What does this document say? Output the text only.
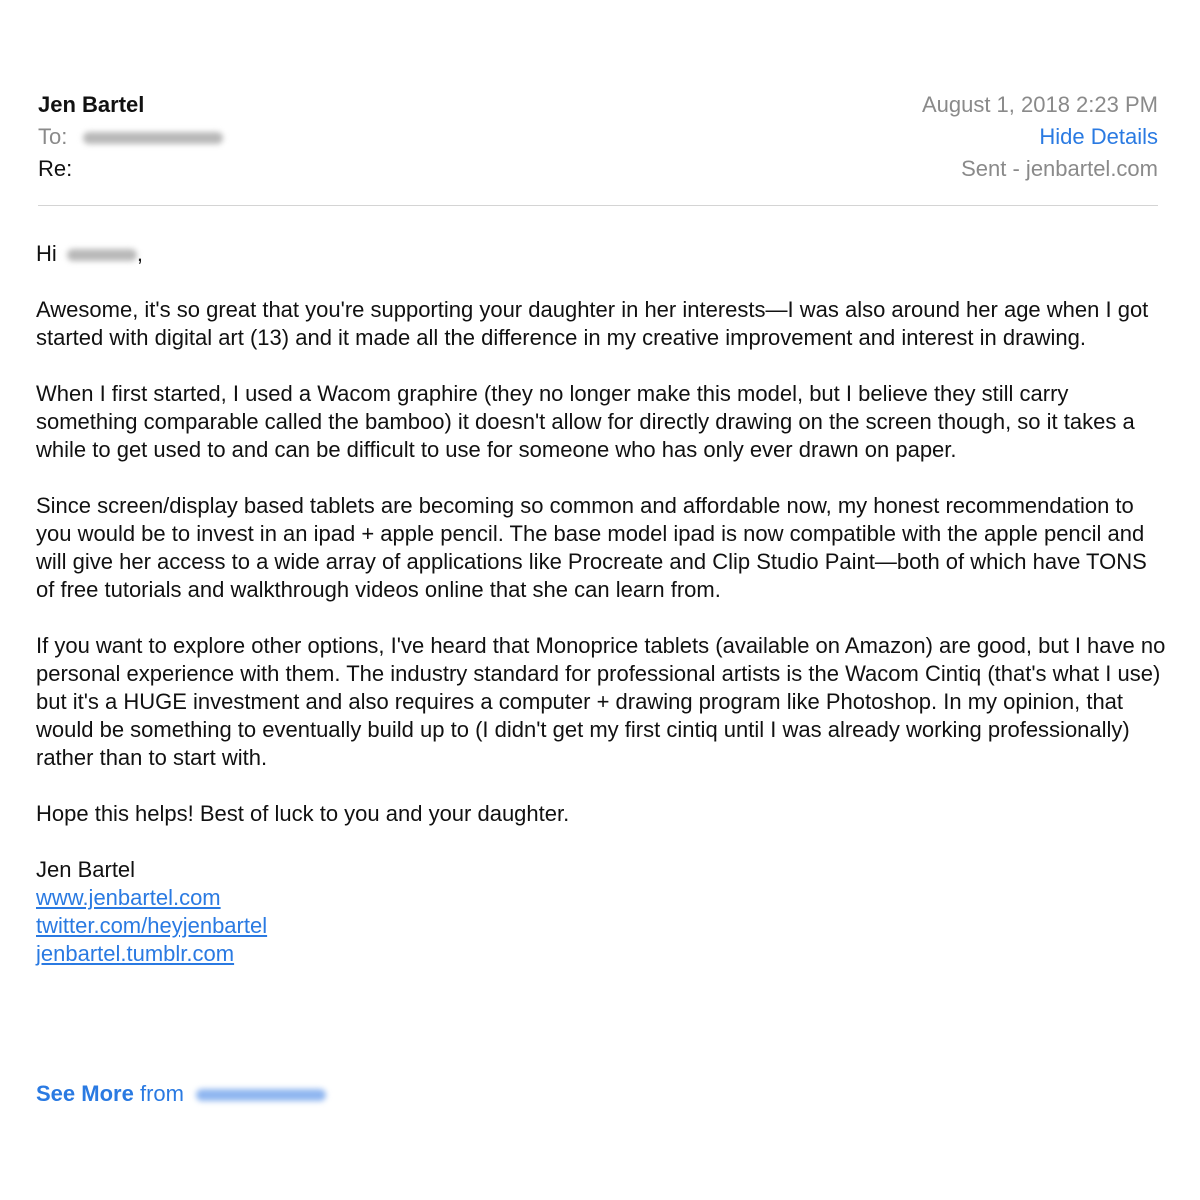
Jen Bartel
To:
Re:
August 1, 2018 2:23 PM
Hide Details
Sent - jenbartel.com

Hi	,

Awesome, it's so great that you're supporting your daughter in her interests—I was also around her age when I got started with digital art (13) and it made all the difference in my creative improvement and interest in drawing.

When I first started, I used a Wacom graphire (they no longer make this model, but I believe they still carry something comparable called the bamboo) it doesn't allow for directly drawing on the screen though, so it takes a while to get used to and can be difficult to use for someone who has only ever drawn on paper.

Since screen/display based tablets are becoming so common and affordable now, my honest recommendation to you would be to invest in an ipad + apple pencil. The base model ipad is now compatible with the apple pencil and will give her access to a wide array of applications like Procreate and Clip Studio Paint—both of which have TONS of free tutorials and walkthrough videos online that she can learn from.

If you want to explore other options, I've heard that Monoprice tablets (available on Amazon) are good, but I have no personal experience with them. The industry standard for professional artists is the Wacom Cintiq (that's what I use) but it's a HUGE investment and also requires a computer + drawing program like Photoshop. In my opinion, that would be something to eventually build up to (I didn't get my first cintiq until I was already working professionally) rather than to start with.

Hope this helps! Best of luck to you and your daughter.

Jen Bartel
www.jenbartel.com
twitter.com/heyjenbartel
jenbartel.tumblr.com
See More from
